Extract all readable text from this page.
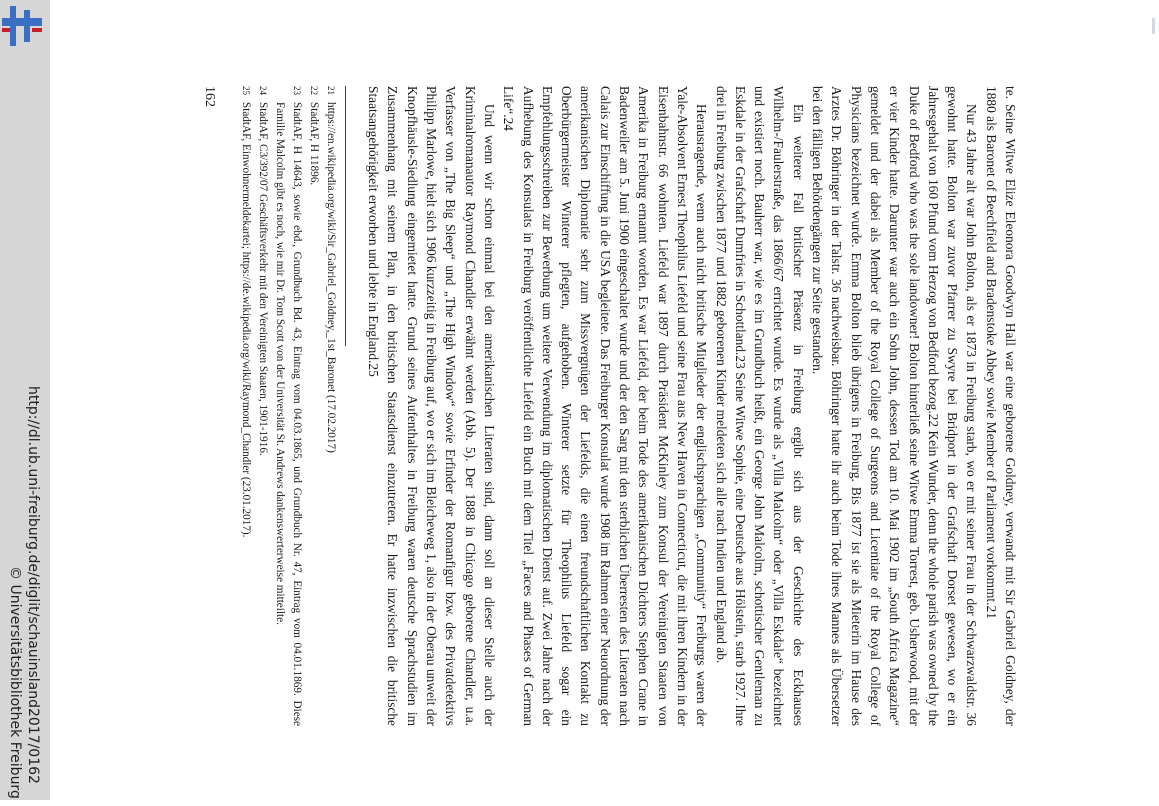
http://dl.ub.uni-freiburg.de/diglit/schauinsland2017/0162
© Universitätsbibliothek Freiburg	te. Seine Witwe Elize Eleonora Goodwyn Hall war eine geborene Goldney, verwandt mit Sir Gabriel Goldney, der 1880 als Baronet of Beechfield and Bradenstoke Abbey sowie Member of Parliament vorkommt.21

Nur 43 Jahre alt war John Bolton, als er 1873 in Freiburg starb, wo er mit seiner Frau in der Schwarzwaldstr. 36 gewohnt hatte. Bolton war zuvor Pfarrer zu Swyre bei Bridport in der Grafschaft Dorset gewesen, wo er ein Jahresgehalt von 160 Pfund vom Herzog von Bedford bezog.22 Kein Wunder, denn the whole parish was owned by the Duke of Bedford who was the sole landowner! Bolton hinterließ seine Witwe Emma Torrest, geb. Usherwood, mit der er vier Kinder hatte. Darunter war auch ein Sohn John, dessen Tod am 10. Mai 1902 im „South Africa Magazine“ gemeldet und der dabei als Member of the Royal College of Surgeons and Licentiate of the Royal College of Physicians bezeichnet wurde. Emma Bolton blieb übrigens in Freiburg. Bis 1877 ist sie als Mieterin im Hause des Arztes Dr. Böhringer in der Talstr. 36 nachweisbar. Böhringer hatte ihr auch beim Tode ihres Mannes als Übersetzer bei den fälligen Behördengängen zur Seite gestanden.

Ein weiterer Fall britischer Präsenz in Freiburg ergibt sich aus der Geschichte des Eckhauses Wilhelm-/Faulerstraße, das 1866/67 errichtet wurde. Es wurde als „Villa Malcolm“ oder „Villa Eskdale“ bezeichnet und existiert noch. Bauherr war, wie es im Grundbuch heißt, ein George John Malcolm, schottischer Gentleman zu Eskdale in der Grafschaft Dumfries in Schottland.23 Seine Witwe Sophie, eine Deutsche aus Hölstein, starb 1927. Ihre drei in Freiburg zwischen 1877 und 1882 geborenen Kinder meldeten sich alle nach Indien und England ab.

Herausragende, wenn auch nicht britische Mitglieder der englischsprachigen „Community“ Freiburgs waren der Yale-Absolvent Ernest Theophilus Liefeld und seine Frau aus New Haven in Connecticut, die mit ihren Kindern in der Eisenbahnstr. 66 wohnten. Liefeld war 1897 durch Präsident McKinley zum Konsul der Vereinigten Staaten von Amerika in Freiburg ernannt worden. Es war Liefeld, der beim Tode des amerikanischen Dichters Stephen Crane in Badenweiler am 5. Juni 1900 eingeschaltet wurde und der den Sarg mit den sterblichen Überresten des Literaten nach Calais zur Einschiffung in die USA begleitete. Das Freiburger Konsulat wurde 1908 im Rahmen einer Neuordnung der amerikanischen Diplomatie sehr zum Missvergnügen der Liefelds, die einen freundschaftlichen Kontakt zu Oberbürgermeister Winterer pflegten, aufgehoben. Winterer setzte für Theophilus Liefeld sogar ein Empfehlungsschreiben zur Bewerbung um weitere Verwendung im diplomatischen Dienst auf. Zwei Jahre nach der Aufhebung des Konsulats in Freiburg veröffentlichte Liefeld ein Buch mit dem Titel „Faces and Phases of German Life“.24

Und wenn wir schon einmal bei den amerikanischen Literaten sind, dann soll an dieser Stelle auch der Kriminalromanautor Raymond Chandler erwähnt werden (Abb. 5). Der 1888 in Chicago geborene Chandler, u.a. Verfasser von „The Big Sleep“ und „The High Window“ sowie Erfinder der Romanfigur bzw. des Privatdetektivs Philipp Marlowe, hielt sich 1906 kurzzeitig in Freiburg auf, wo er sich im Bleicheweg 1, also in der Oberau unweit der Knopfhäusle-Siedlung eingemietet hatte. Grund seines Aufenthaltes in Freiburg waren deutsche Sprachstudien im Zusammenhang mit seinem Plan, in den britischen Staatsdienst einzutreten. Er hatte inzwischen die britische Staatsangehörigkeit erworben und lebte in England.25

21
https://en.wikipedia.org/wiki/Sir_Gabriel_Goldney,_1st_Baronet (17.02.2017)
22
StadtAF, H 11896.
23
StadtAF, H 14643, sowie ebd., Grundbuch Bd. 43, Eintrag vom 04.03.1865, und Grundbuch Nr. 47, Eintrag vom 04.01.1869. Diese Familie Malcolm gibt es noch, wie mir Dr. Tom Scott von der Universität St. Andrews dankenswerterweise mitteilte.
24
StadtAF, C3/392/07 Geschäftsverkehr mit den Vereinigten Staaten, 1901-1916.
25
StadtAF, Einwohnermeldekartei; https://de.wikipedia.org/wiki/Raymond_Chandler (23.01.2017).
162
